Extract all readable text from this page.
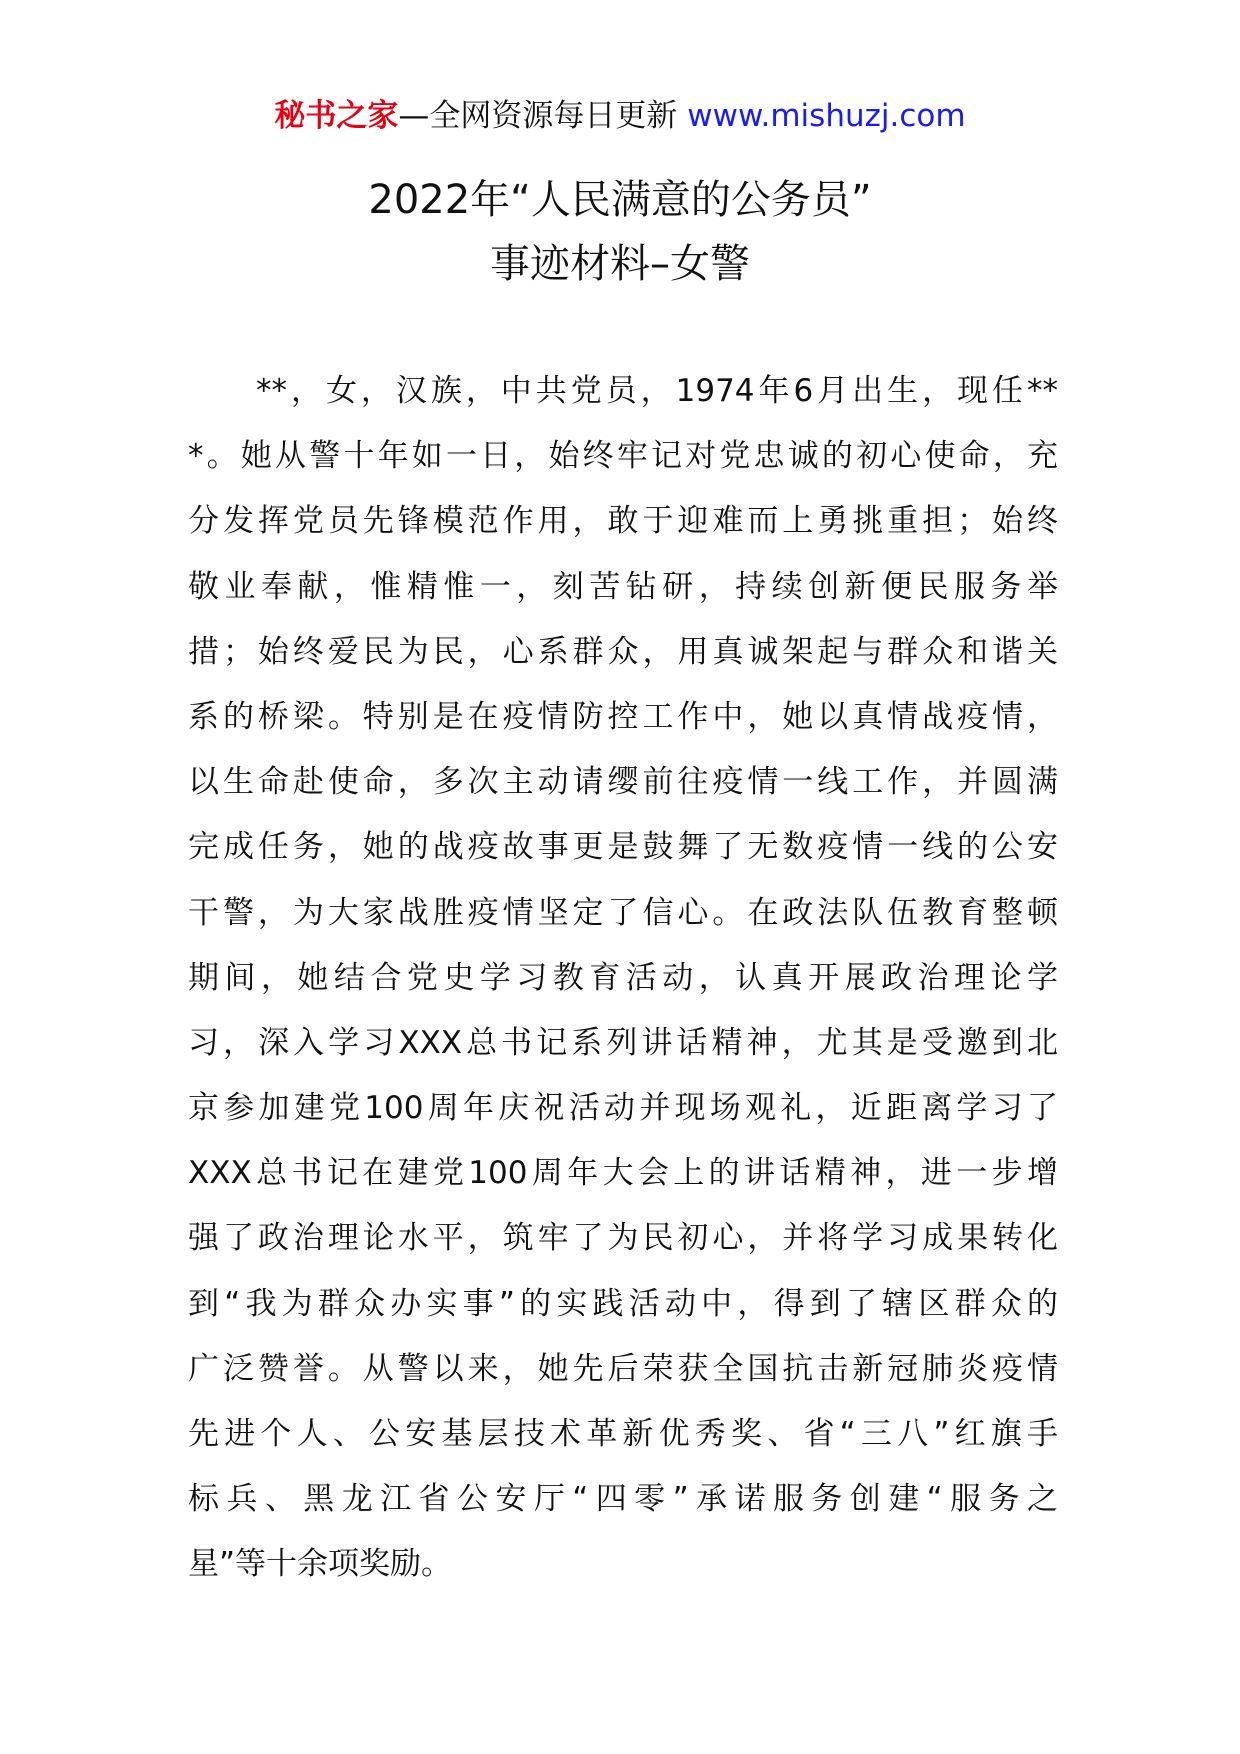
秘书之家—全网资源每日更新 www.mishuzj.com
2022年“人民满意的公务员”
事迹材料–女警
**，女，汉族，中共党员，1974年6月出生，现任**
*。她从警十年如一日，始终牢记对党忠诚的初心使命，充
分发挥党员先锋模范作用，敢于迎难而上勇挑重担；始终
敬业奉献，惟精惟一，刻苦钻研，持续创新便民服务举
措；始终爱民为民，心系群众，用真诚架起与群众和谐关
系的桥梁。特别是在疫情防控工作中，她以真情战疫情，
以生命赴使命，多次主动请缨前往疫情一线工作，并圆满
完成任务，她的战疫故事更是鼓舞了无数疫情一线的公安
干警，为大家战胜疫情坚定了信心。在政法队伍教育整顿
期间，她结合党史学习教育活动，认真开展政治理论学
习，深入学习XXX总书记系列讲话精神，尤其是受邀到北
京参加建党100周年庆祝活动并现场观礼，近距离学习了
XXX总书记在建党100周年大会上的讲话精神，进一步增
强了政治理论水平，筑牢了为民初心，并将学习成果转化
到“我为群众办实事”的实践活动中，得到了辖区群众的
广泛赞誉。从警以来，她先后荣获全国抗击新冠肺炎疫情
先进个人、公安基层技术革新优秀奖、省“三八”红旗手
标兵、黑龙江省公安厅“四零”承诺服务创建“服务之
星”等十余项奖励。
